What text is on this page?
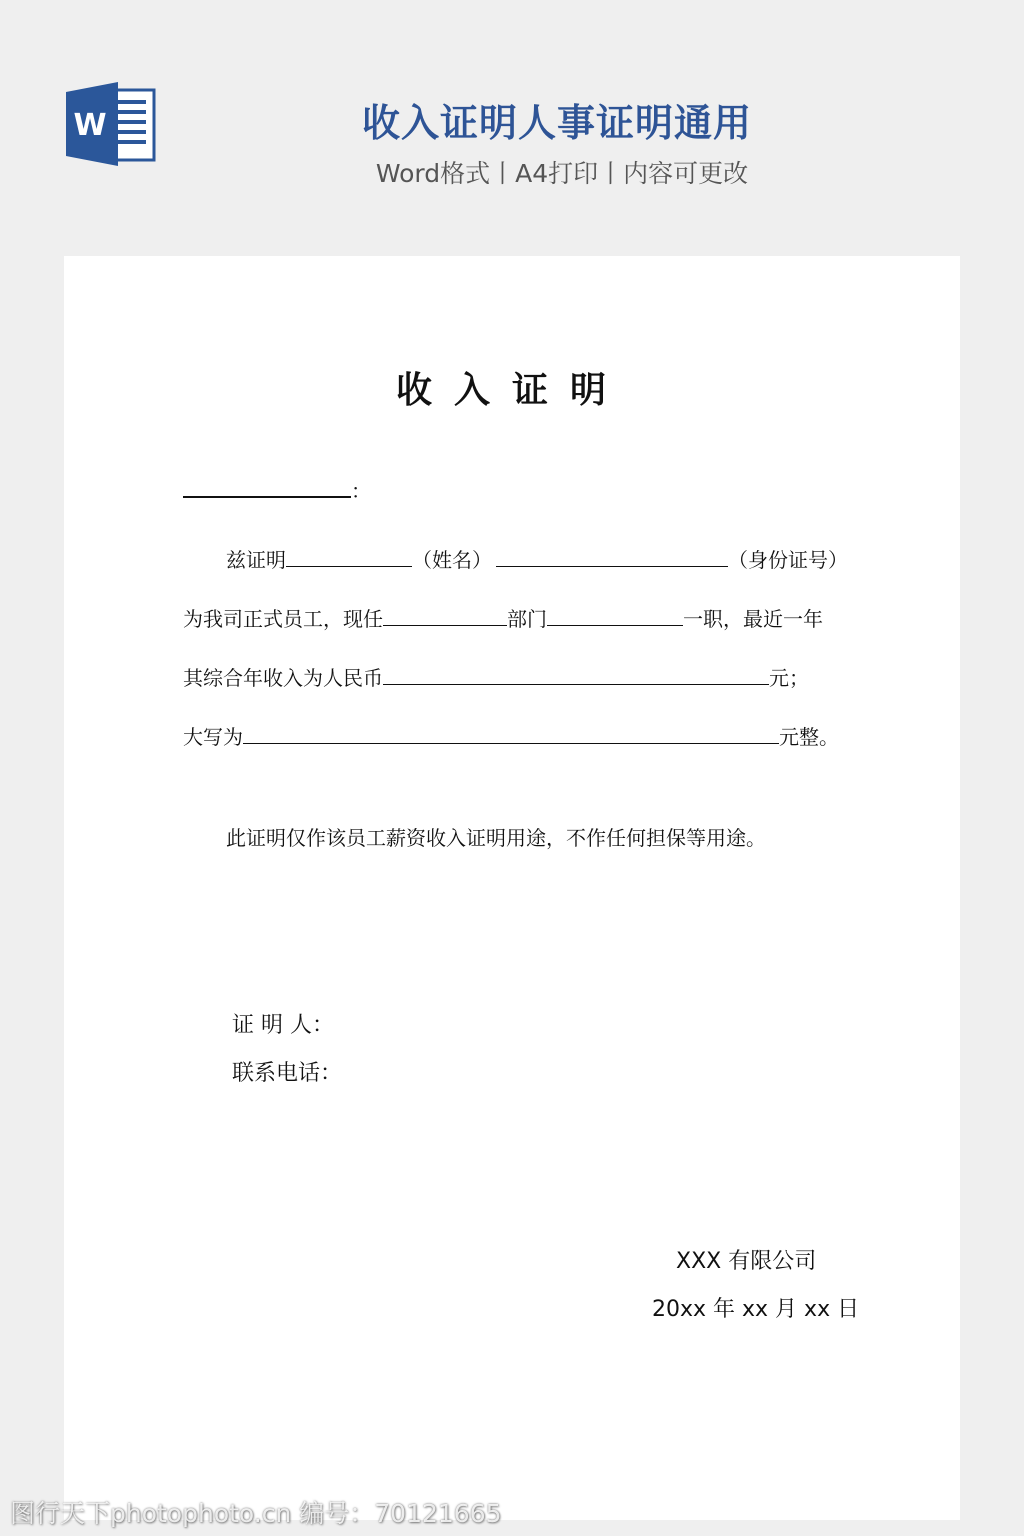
W	收入证明人事证明通用
Word格式丨A4打印丨内容可更改
收入证明
：
兹证明	（姓名）	（身份证号）
为我司正式员工，现任	部门	一职，最近一年
其综合年收入为人民币	元；
大写为	元整。
此证明仅作该员工薪资收入证明用途，不作任何担保等用途。
证 明 人：
联系电话：
XXX 有限公司
20xx 年 xx 月 xx 日
图行天下photophoto.cn 编号：70121665
